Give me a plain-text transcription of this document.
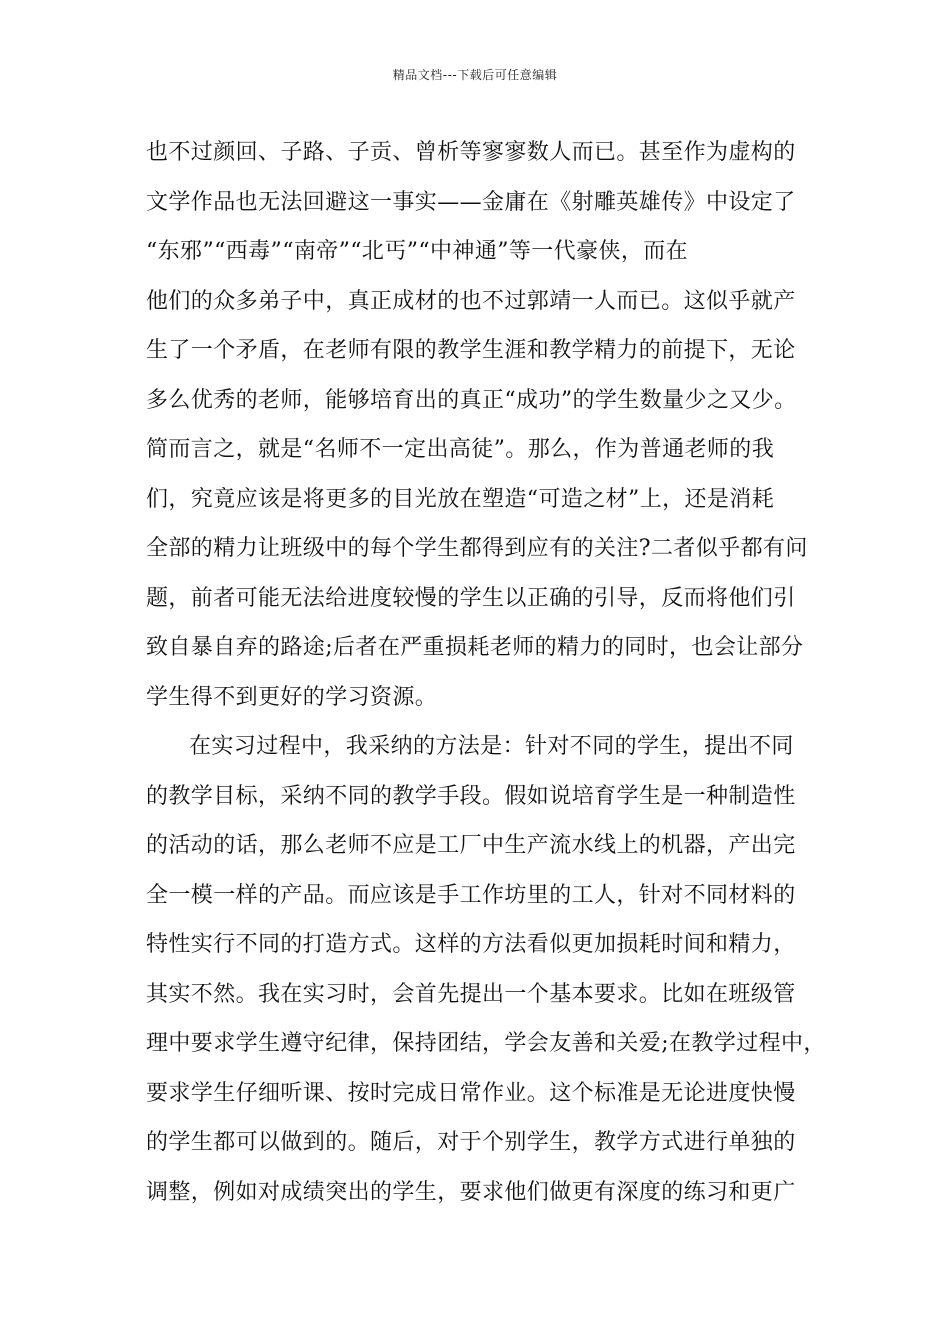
精品文档---下载后可任意编辑
也不过颜回、子路、子贡、曾析等寥寥数人而已。甚至作为虚构的
文学作品也无法回避这一事实——金庸在《射雕英雄传》中设定了
“东邪”“西毒”“南帝”“北丐”“中神通”等一代豪侠，而在
他们的众多弟子中，真正成材的也不过郭靖一人而已。这似乎就产
生了一个矛盾，在老师有限的教学生涯和教学精力的前提下，无论
多么优秀的老师，能够培育出的真正“成功”的学生数量少之又少。
简而言之，就是“名师不一定出高徒”。那么，作为普通老师的我
们，究竟应该是将更多的目光放在塑造“可造之材”上，还是消耗
全部的精力让班级中的每个学生都得到应有的关注?二者似乎都有问
题，前者可能无法给进度较慢的学生以正确的引导，反而将他们引
致自暴自弃的路途;后者在严重损耗老师的精力的同时，也会让部分
学生得不到更好的学习资源。
在实习过程中，我采纳的方法是：针对不同的学生，提出不同
的教学目标，采纳不同的教学手段。假如说培育学生是一种制造性
的活动的话，那么老师不应是工厂中生产流水线上的机器，产出完
全一模一样的产品。而应该是手工作坊里的工人，针对不同材料的
特性实行不同的打造方式。这样的方法看似更加损耗时间和精力，
其实不然。我在实习时，会首先提出一个基本要求。比如在班级管
理中要求学生遵守纪律，保持团结，学会友善和关爱;在教学过程中，
要求学生仔细听课、按时完成日常作业。这个标准是无论进度快慢
的学生都可以做到的。随后，对于个别学生，教学方式进行单独的
调整，例如对成绩突出的学生，要求他们做更有深度的练习和更广
